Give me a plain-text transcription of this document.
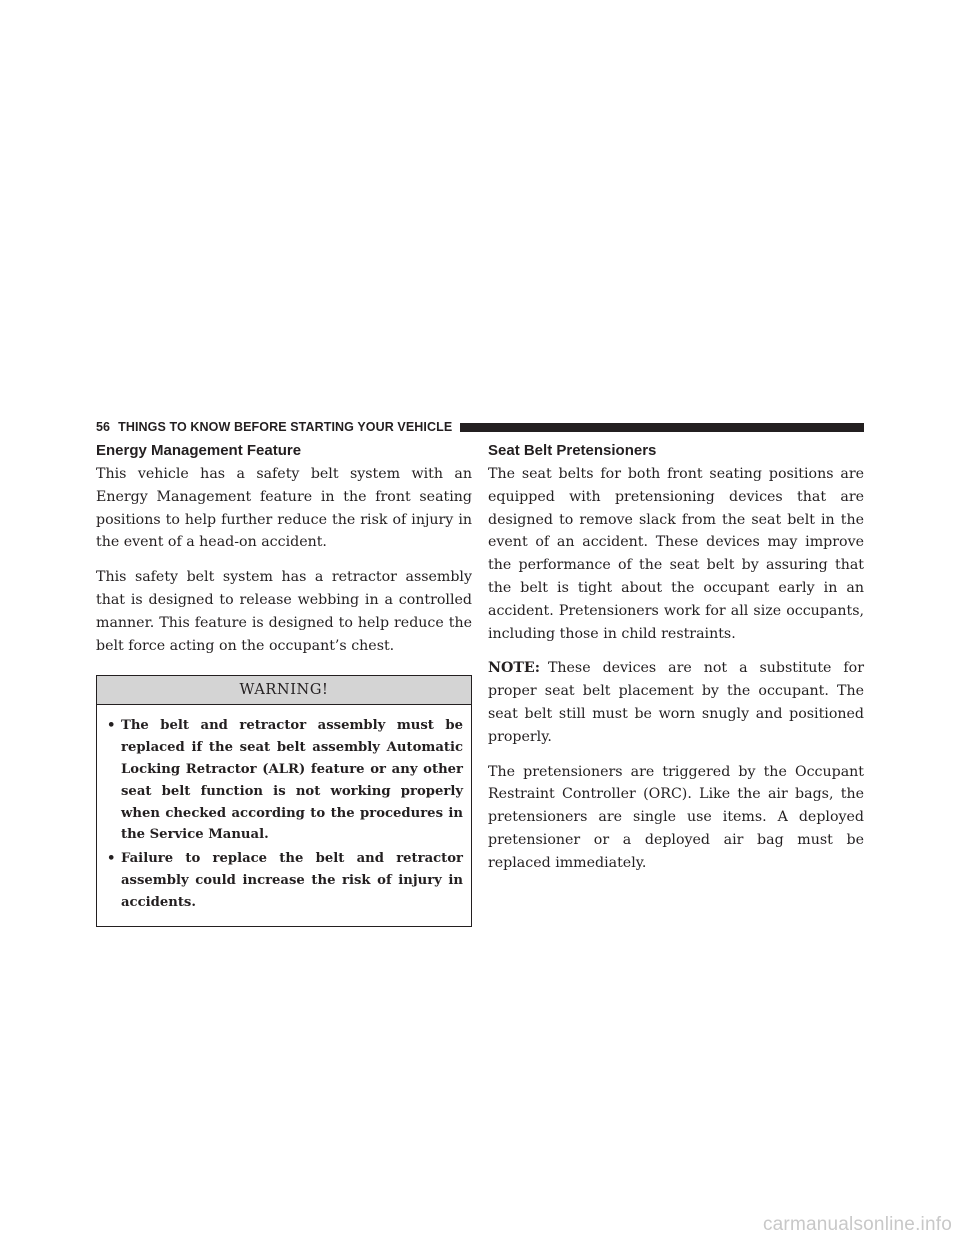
56 THINGS TO KNOW BEFORE STARTING YOUR VEHICLE
Energy Management Feature

This vehicle has a safety belt system with an Energy Management feature in the front seating positions to help further reduce the risk of injury in the event of a head-on accident.

This safety belt system has a retractor assembly that is designed to release webbing in a controlled manner. This feature is designed to help reduce the belt force acting on the occupant’s chest.

WARNING!
• The belt and retractor assembly must be replaced if the seat belt assembly Automatic Locking Retractor (ALR) feature or any other seat belt function is not working properly when checked according to the procedures in the Service Manual.
• Failure to replace the belt and retractor assembly could increase the risk of injury in accidents.
Seat Belt Pretensioners

The seat belts for both front seating positions are equipped with pretensioning devices that are designed to remove slack from the seat belt in the event of an accident. These devices may improve the performance of the seat belt by assuring that the belt is tight about the occupant early in an accident. Pretensioners work for all size occupants, including those in child restraints.

NOTE: These devices are not a substitute for proper seat belt placement by the occupant. The seat belt still must be worn snugly and positioned properly.

The pretensioners are triggered by the Occupant Restraint Controller (ORC). Like the air bags, the pretensioners are single use items. A deployed pretensioner or a deployed air bag must be replaced immediately.

carmanualsonline.info
